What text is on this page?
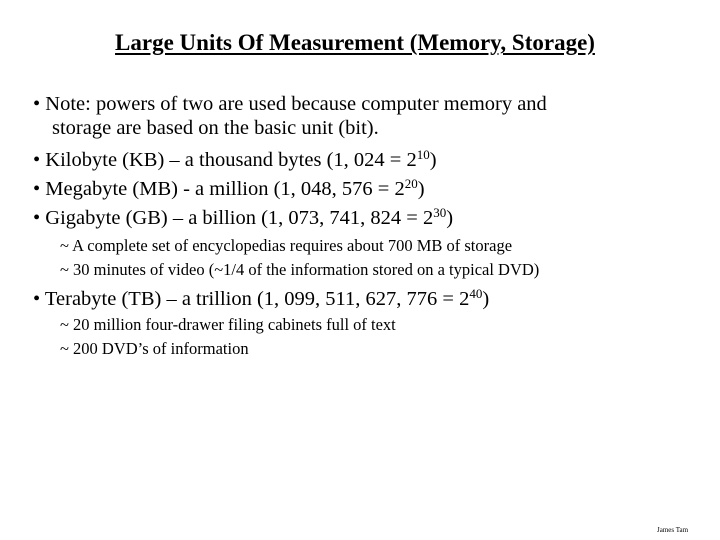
Large Units Of Measurement (Memory, Storage)
• Note: powers of two are used because computer memory and
storage are based on the basic unit (bit).
• Kilobyte (KB) – a thousand bytes (1, $024 = 2^{10}$)
• Megabyte (MB) - a million (1, 048, $576 = 2^{20}$)
• Gigabyte (GB) – a billion (1, 073, 741, $824 = 2^{30}$)
~ A complete set of encyclopedias requires about 700 MB of storage
~ 30 minutes of video (~1/4 of the information stored on a typical DVD)
• Terabyte (TB) – a trillion (1, 099, 511, 627, $776 = 2^{40}$)
~ 20 million four-drawer filing cabinets full of text
~ 200 DVD’s of information
James Tam
